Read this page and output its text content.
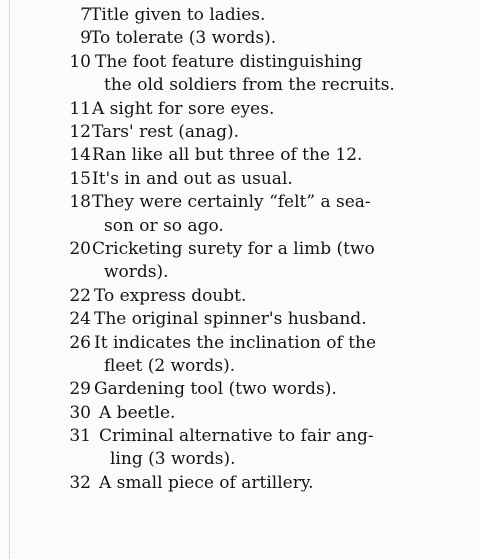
7 Title given to ladies.
9 To tolerate (3 words).
10 The foot feature distinguishing
the old soldiers from the recruits.
11 A sight for sore eyes.
12 Tars' rest (anag).
14 Ran like all but three of the 12.
15 It's in and out as usual.
18 They were certainly “felt” a sea-
son or so ago.
20 Cricketing surety for a limb (two
words).
22 To express doubt.
24 The original spinner's husband.
26 It indicates the inclination of the
fleet (2 words).
29 Gardening tool (two words).
30 A beetle.
31 Criminal alternative to fair ang-
ling (3 words).
32 A small piece of artillery.
